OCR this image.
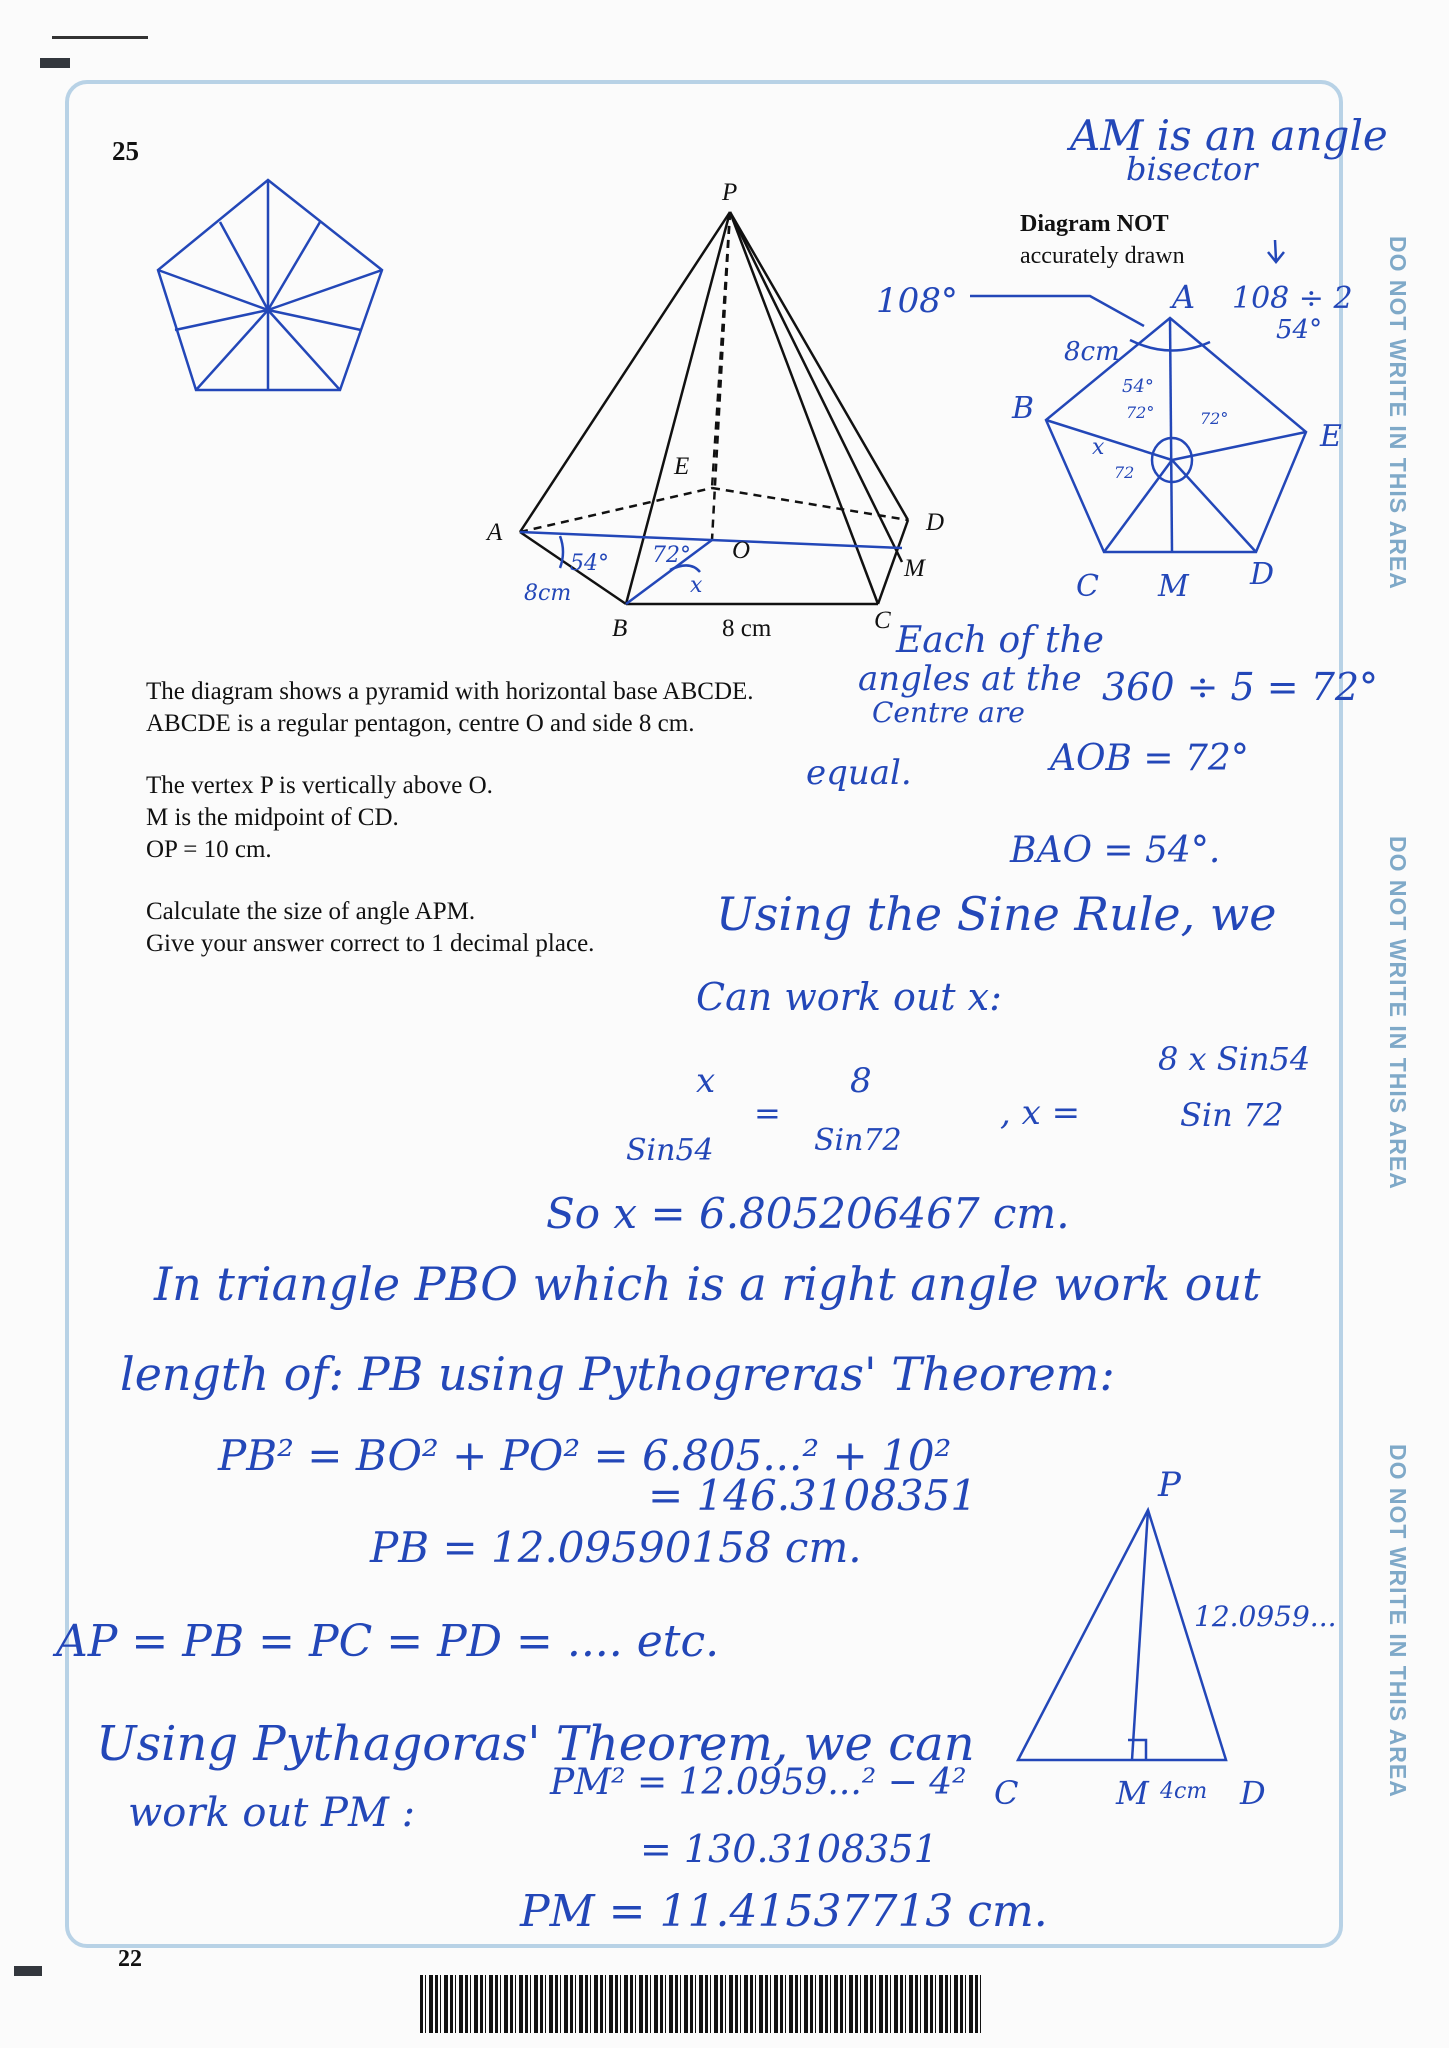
25
22
DO NOT WRITE IN THIS AREA
DO NOT WRITE IN THIS AREA
DO NOT WRITE IN THIS AREA
Diagram NOT
accurately drawn
The diagram shows a pyramid with horizontal base ABCDE.
ABCDE is a regular pentagon, centre O and side 8 cm.
The vertex P is vertically above O.
M is the midpoint of CD.
OP = 10 cm.
Calculate the size of angle APM.
Give your answer correct to 1 decimal place.
P
A
B	C
D
E
O
M
8 cm
54° 72°
x
8cm
AM is an angle
bisector
108°	A 108 ÷ 2
54°
8cm
B
E
C M D
54°
72°	72°
72
x
Each of the
angles at the
Centre are
equal.
360 ÷ 5 = 72°
AOB = 72°
BAO = 54°.
Using the Sine Rule, we
Can work out x:
x
Sin54
=
8
Sin72
, x =
8 x Sin54
Sin 72
So x = 6.805206467 cm.
In triangle PBO which is a right angle work out
length of: PB using Pythogreras' Theorem:
PB² = BO² + PO² = 6.805...² + 10²
= 146.3108351
PB = 12.09590158 cm.
AP = PB = PC = PD = .... etc.
Using Pythagoras' Theorem, we can
work out PM :
PM² = 12.0959...² − 4²
= 130.3108351
PM = 11.41537713 cm.
P
C	M	D
4cm
12.0959...
